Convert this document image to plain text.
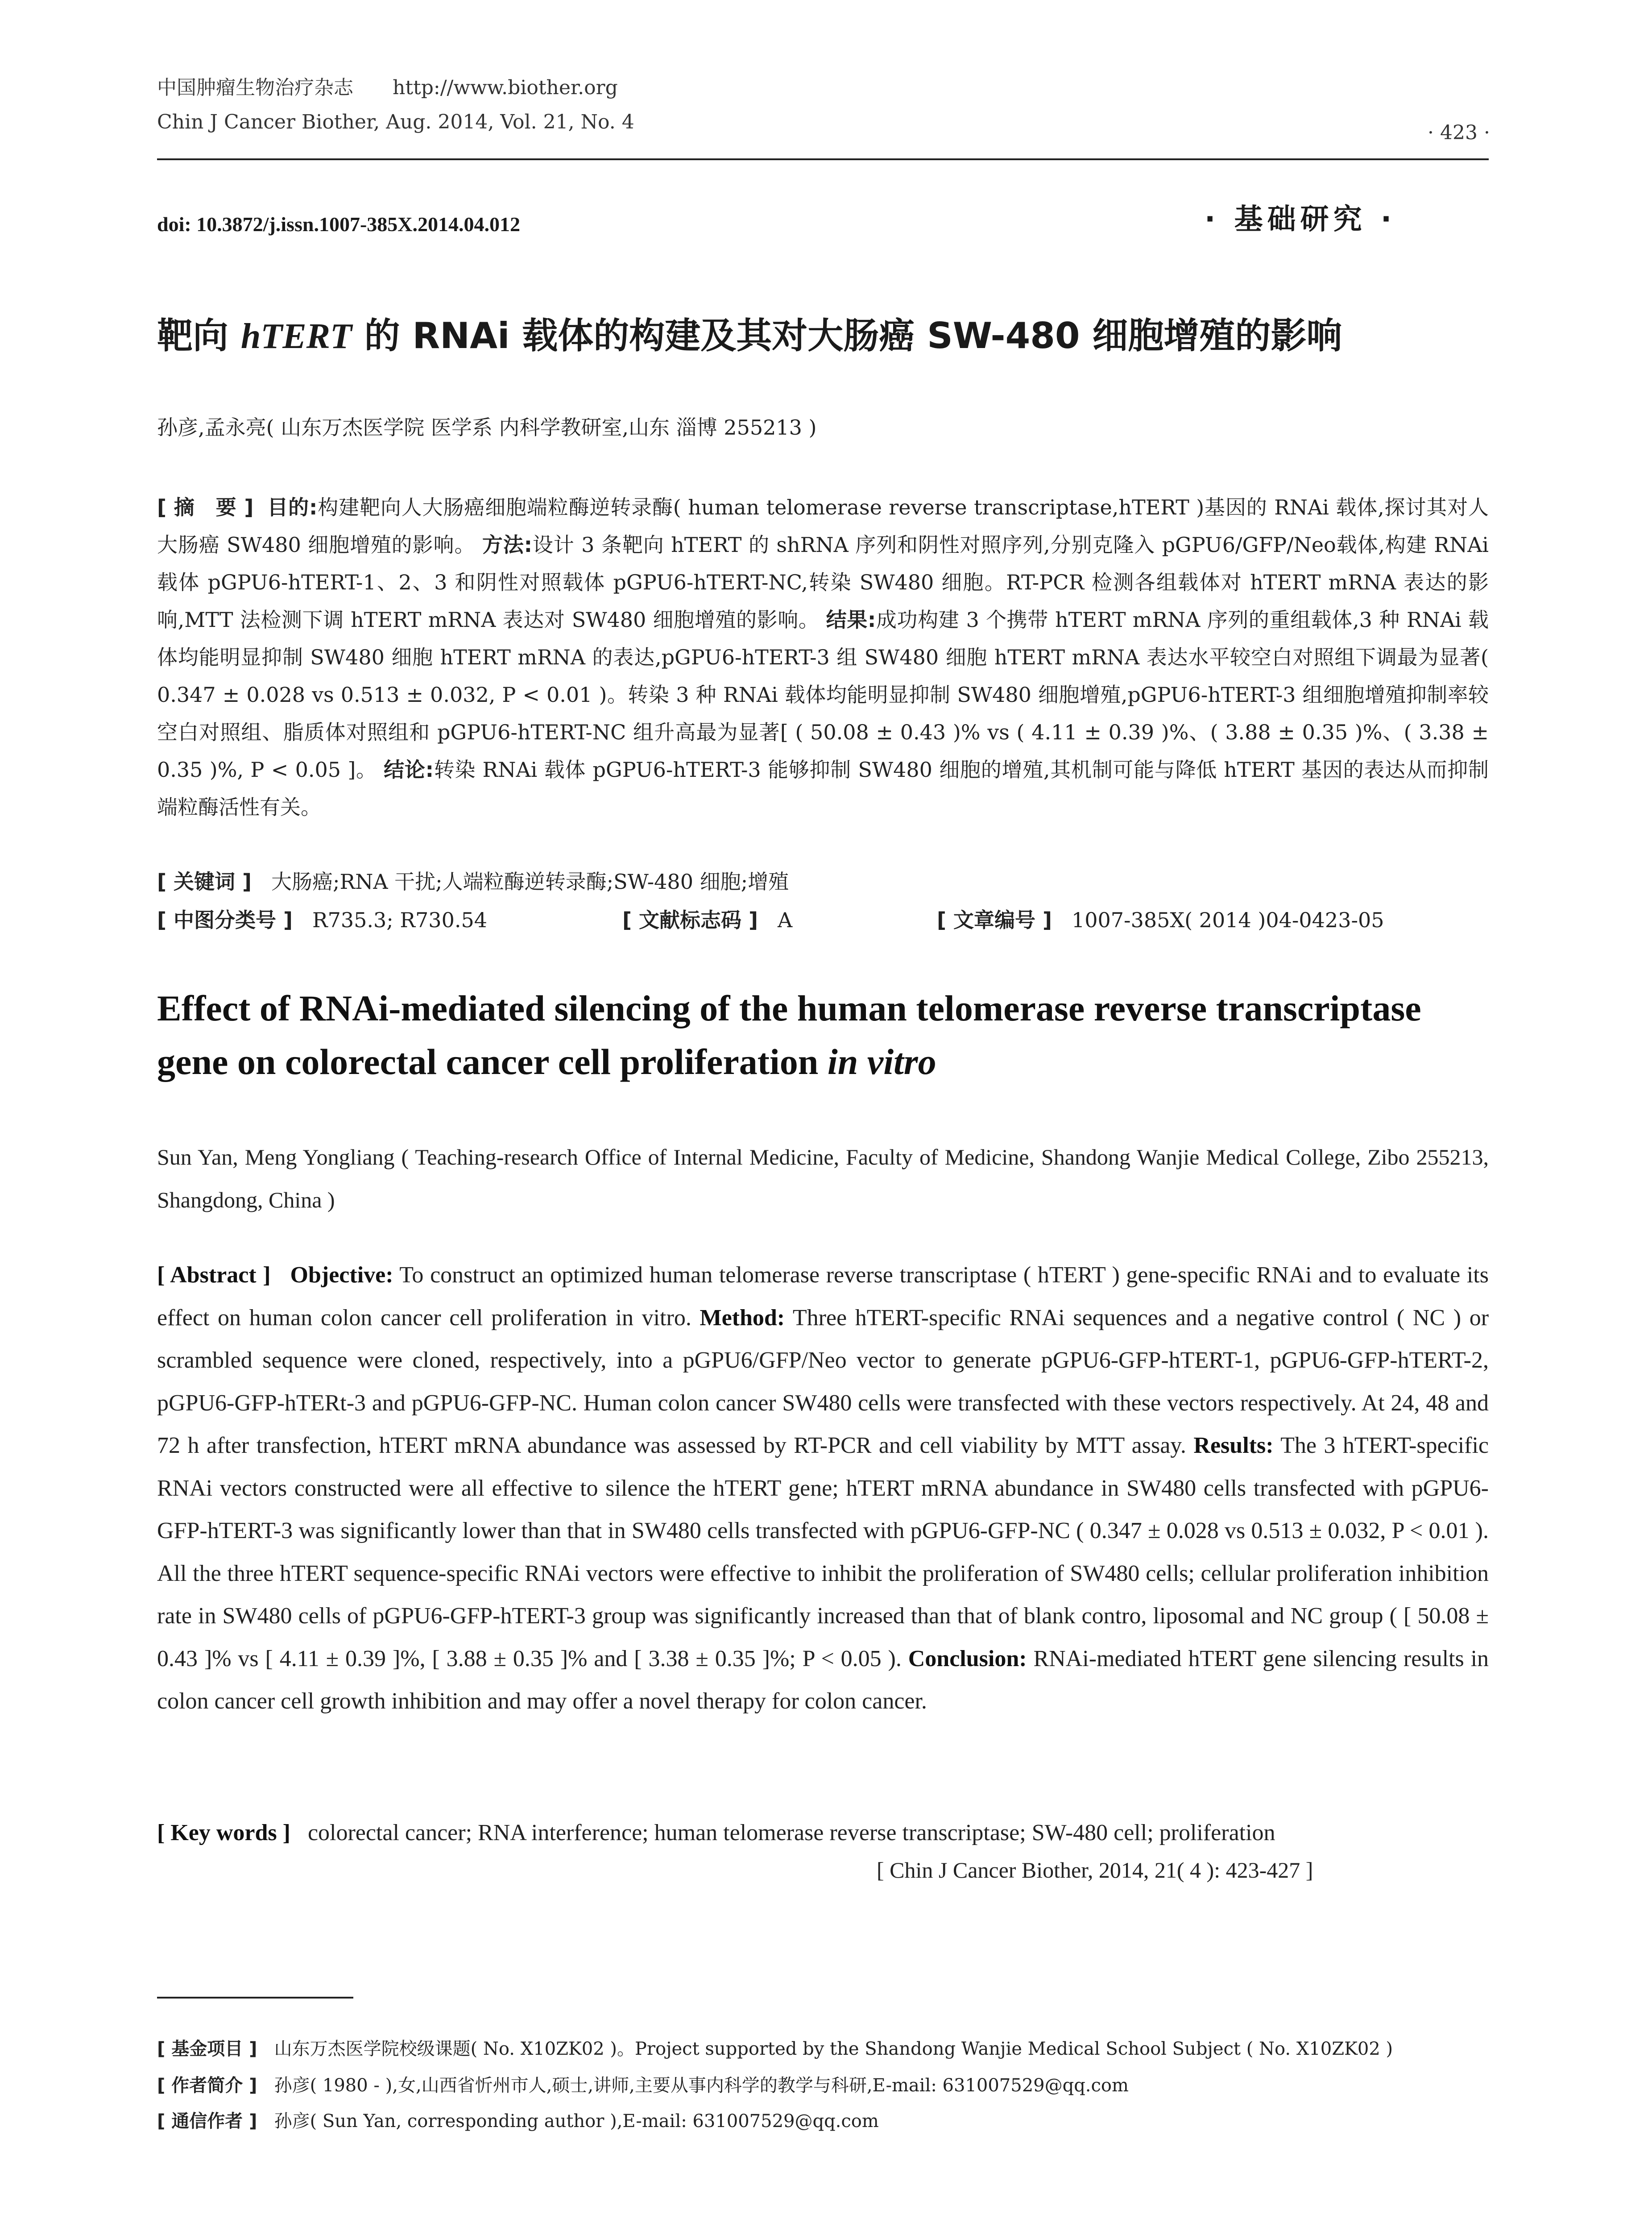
中国肿瘤生物治疗杂志 http://www.biother.org
Chin J Cancer Biother, Aug. 2014, Vol. 21, No. 4	· 423 ·
doi: 10.3872/j.issn.1007-385X.2014.04.012	· 基础研究 ·
靶向 hTERT 的 RNAi 载体的构建及其对大肠癌 SW-480 细胞增殖的影响
孙彦,孟永亮( 山东万杰医学院 医学系 内科学教研室,山东 淄博 255213 )
[ 摘　要 ] 目的:构建靶向人大肠癌细胞端粒酶逆转录酶( human telomerase reverse transcriptase,hTERT )基因的 RNAi 载体,探讨其对人大肠癌 SW480 细胞增殖的影响。 方法:设计 3 条靶向 hTERT 的 shRNA 序列和阴性对照序列,分别克隆入 pGPU6/GFP/Neo载体,构建 RNAi 载体 pGPU6-hTERT-1、2、3 和阴性对照载体 pGPU6-hTERT-NC,转染 SW480 细胞。RT-PCR 检测各组载体对 hTERT mRNA 表达的影响,MTT 法检测下调 hTERT mRNA 表达对 SW480 细胞增殖的影响。 结果:成功构建 3 个携带 hTERT mRNA 序列的重组载体,3 种 RNAi 载体均能明显抑制 SW480 细胞 hTERT mRNA 的表达,pGPU6-hTERT-3 组 SW480 细胞 hTERT mRNA 表达水平较空白对照组下调最为显著( 0.347 ± 0.028 vs 0.513 ± 0.032, P < 0.01 )。转染 3 种 RNAi 载体均能明显抑制 SW480 细胞增殖,pGPU6-hTERT-3 组细胞增殖抑制率较空白对照组、脂质体对照组和 pGPU6-hTERT-NC 组升高最为显著[ ( 50.08 ± 0.43 )% vs ( 4.11 ± 0.39 )%、( 3.88 ± 0.35 )%、( 3.38 ± 0.35 )%, P < 0.05 ]。 结论:转染 RNAi 载体 pGPU6-hTERT-3 能够抑制 SW480 细胞的增殖,其机制可能与降低 hTERT 基因的表达从而抑制端粒酶活性有关。
[ 关键词 ] 大肠癌;RNA 干扰;人端粒酶逆转录酶;SW-480 细胞;增殖
[ 中图分类号 ] R735.3; R730.54	[ 文献标志码 ] A	[ 文章编号 ] 1007-385X( 2014 )04-0423-05
Effect of RNAi-mediated silencing of the human telomerase reverse transcriptase gene on colorectal cancer cell proliferation in vitro
Sun Yan, Meng Yongliang ( Teaching-research Office of Internal Medicine, Faculty of Medicine, Shandong Wanjie Medical College, Zibo 255213, Shangdong, China )
[ Abstract ] Objective: To construct an optimized human telomerase reverse transcriptase ( hTERT ) gene-specific RNAi and to evaluate its effect on human colon cancer cell proliferation in vitro. Method: Three hTERT-specific RNAi sequences and a negative control ( NC ) or scrambled sequence were cloned, respectively, into a pGPU6/GFP/Neo vector to generate pGPU6-GFP-hTERT-1, pGPU6-GFP-hTERT-2, pGPU6-GFP-hTERt-3 and pGPU6-GFP-NC. Human colon cancer SW480 cells were transfected with these vectors respectively. At 24, 48 and 72 h after transfection, hTERT mRNA abundance was assessed by RT-PCR and cell viability by MTT assay. Results: The 3 hTERT-specific RNAi vectors constructed were all effective to silence the hTERT gene; hTERT mRNA abundance in SW480 cells transfected with pGPU6-GFP-hTERT-3 was significantly lower than that in SW480 cells transfected with pGPU6-GFP-NC ( 0.347 ± 0.028 vs 0.513 ± 0.032, P < 0.01 ). All the three hTERT sequence-specific RNAi vectors were effective to inhibit the proliferation of SW480 cells; cellular proliferation inhibition rate in SW480 cells of pGPU6-GFP-hTERT-3 group was significantly increased than that of blank contro, liposomal and NC group ( [ 50.08 ± 0.43 ]% vs [ 4.11 ± 0.39 ]%, [ 3.88 ± 0.35 ]% and [ 3.38 ± 0.35 ]%; P < 0.05 ). Conclusion: RNAi-mediated hTERT gene silencing results in colon cancer cell growth inhibition and may offer a novel therapy for colon cancer.
[ Key words ] colorectal cancer; RNA interference; human telomerase reverse transcriptase; SW-480 cell; proliferation
[ Chin J Cancer Biother, 2014, 21( 4 ): 423-427 ]
[ 基金项目 ] 山东万杰医学院校级课题( No. X10ZK02 )。Project supported by the Shandong Wanjie Medical School Subject ( No. X10ZK02 )
[ 作者简介 ] 孙彦( 1980 - ),女,山西省忻州市人,硕士,讲师,主要从事内科学的教学与科研,E-mail: 631007529@qq.com
[ 通信作者 ] 孙彦( Sun Yan, corresponding author ),E-mail: 631007529@qq.com
